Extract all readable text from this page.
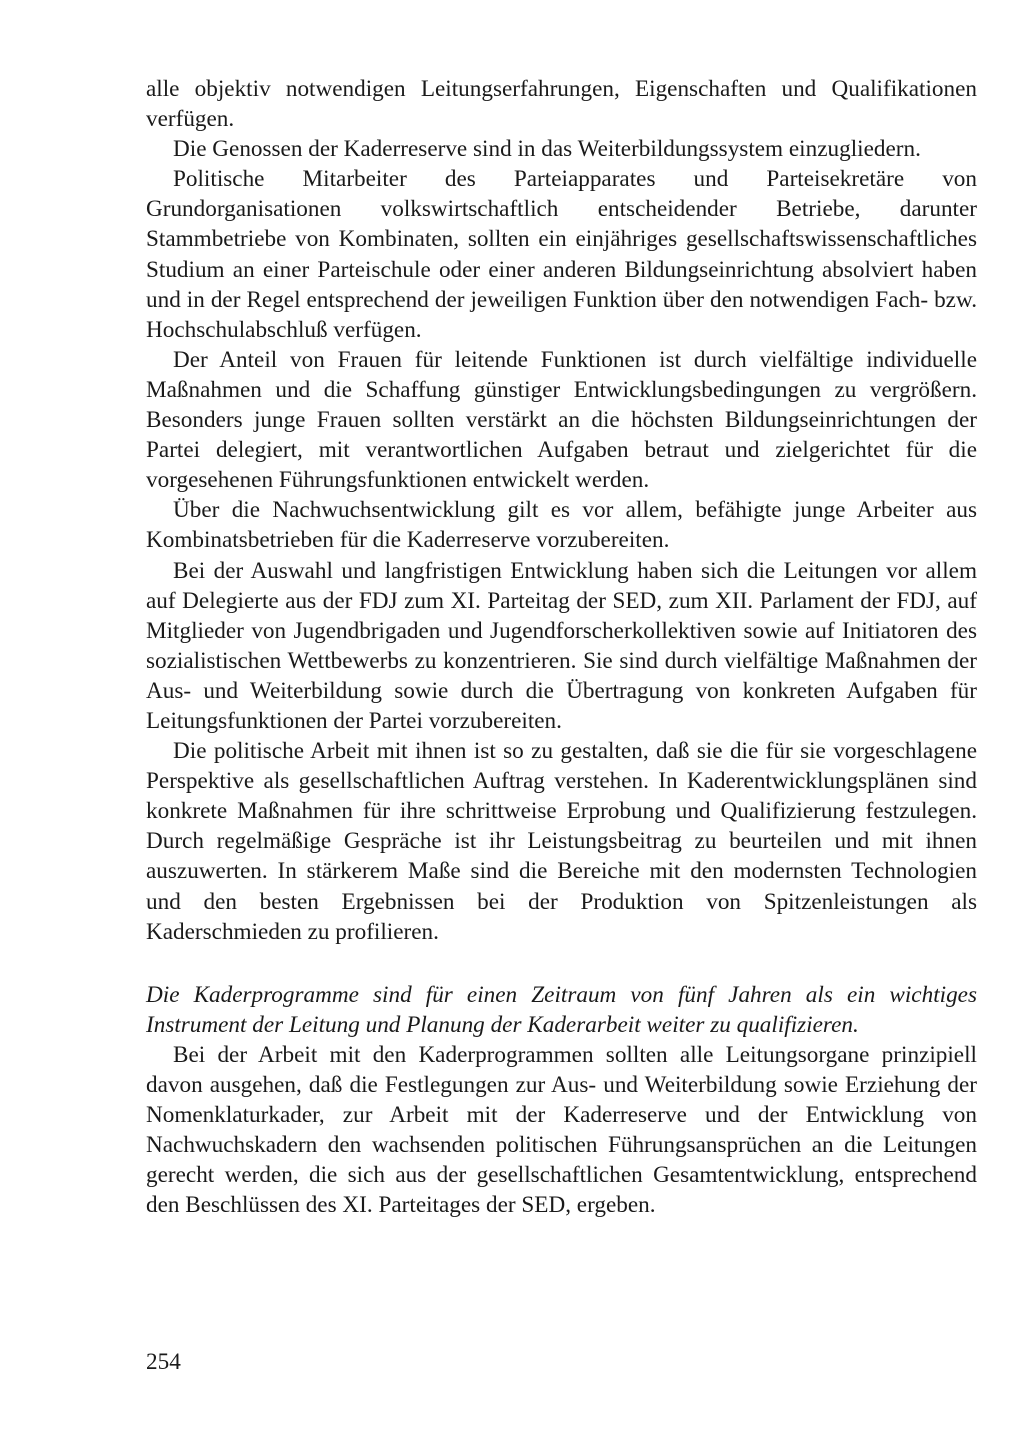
alle objektiv notwendigen Leitungserfahrungen, Eigenschaften und Qualifikationen verfügen.

Die Genossen der Kaderreserve sind in das Weiterbildungssystem einzugliedern.

Politische Mitarbeiter des Parteiapparates und Parteisekretäre von Grundorganisationen volkswirtschaftlich entscheidender Betriebe, darunter Stammbetriebe von Kombinaten, sollten ein einjähriges gesellschaftswissenschaftliches Studium an einer Parteischule oder einer anderen Bildungseinrichtung absolviert haben und in der Regel entsprechend der jeweiligen Funktion über den notwendigen Fach- bzw. Hochschulabschluß verfügen.

Der Anteil von Frauen für leitende Funktionen ist durch vielfältige individuelle Maßnahmen und die Schaffung günstiger Entwicklungsbedingungen zu vergrößern. Besonders junge Frauen sollten verstärkt an die höchsten Bildungseinrichtungen der Partei delegiert, mit verantwortlichen Aufgaben betraut und zielgerichtet für die vorgesehenen Führungsfunktionen entwickelt werden.

Über die Nachwuchsentwicklung gilt es vor allem, befähigte junge Arbeiter aus Kombinatsbetrieben für die Kaderreserve vorzubereiten.

Bei der Auswahl und langfristigen Entwicklung haben sich die Leitungen vor allem auf Delegierte aus der FDJ zum XI. Parteitag der SED, zum XII. Parlament der FDJ, auf Mitglieder von Jugendbrigaden und Jugendforscherkollektiven sowie auf Initiatoren des sozialistischen Wettbewerbs zu konzentrieren. Sie sind durch vielfältige Maßnahmen der Aus- und Weiterbildung sowie durch die Übertragung von konkreten Aufgaben für Leitungsfunktionen der Partei vorzubereiten.

Die politische Arbeit mit ihnen ist so zu gestalten, daß sie die für sie vorgeschlagene Perspektive als gesellschaftlichen Auftrag verstehen. In Kaderentwicklungsplänen sind konkrete Maßnahmen für ihre schrittweise Erprobung und Qualifizierung festzulegen. Durch regelmäßige Gespräche ist ihr Leistungsbeitrag zu beurteilen und mit ihnen auszuwerten. In stärkerem Maße sind die Bereiche mit den modernsten Technologien und den besten Ergebnissen bei der Produktion von Spitzenleistungen als Kaderschmieden zu profilieren.

Die Kaderprogramme sind für einen Zeitraum von fünf Jahren als ein wichtiges Instrument der Leitung und Planung der Kaderarbeit weiter zu qualifizieren.

Bei der Arbeit mit den Kaderprogrammen sollten alle Leitungsorgane prinzipiell davon ausgehen, daß die Festlegungen zur Aus- und Weiterbildung sowie Erziehung der Nomenklaturkader, zur Arbeit mit der Kaderreserve und der Entwicklung von Nachwuchskadern den wachsenden politischen Führungsansprüchen an die Leitungen gerecht werden, die sich aus der gesellschaftlichen Gesamtentwicklung, entsprechend den Beschlüssen des XI. Parteitages der SED, ergeben.

254
